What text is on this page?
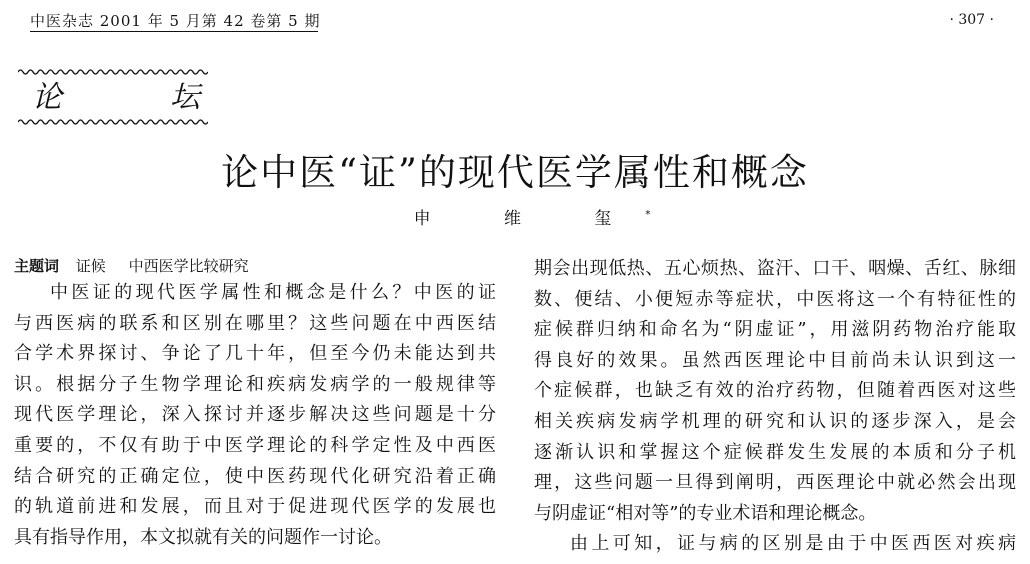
中医杂志 2001 年 5 月第 42 卷第 5 期	· 307 ·
论	坛
论中医“证”的现代医学属性和概念
申 维 玺*
主题词 证候 中西医学比较研究
中医证的现代医学属性和概念是什么？中医的证
与西医病的联系和区别在哪里？这些问题在中西医结
合学术界探讨、争论了几十年，但至今仍未能达到共
识。根据分子生物学理论和疾病发病学的一般规律等
现代医学理论，深入探讨并逐步解决这些问题是十分
重要的，不仅有助于中医学理论的科学定性及中西医
结合研究的正确定位，使中医药现代化研究沿着正确
的轨道前进和发展，而且对于促进现代医学的发展也
具有指导作用，本文拟就有关的问题作一讨论。
期会出现低热、五心烦热、盗汗、口干、咽燥、舌红、脉细
数、便结、小便短赤等症状，中医将这一个有特征性的
症候群归纳和命名为“阴虚证”，用滋阴药物治疗能取
得良好的效果。虽然西医理论中目前尚未认识到这一
个症候群，也缺乏有效的治疗药物，但随着西医对这些
相关疾病发病学机理的研究和认识的逐步深入，是会
逐渐认识和掌握这个症候群发生发展的本质和分子机
理，这些问题一旦得到阐明，西医理论中就必然会出现
与阴虚证“相对等”的专业术语和理论概念。
由上可知，证与病的区别是由于中医西医对疾病
